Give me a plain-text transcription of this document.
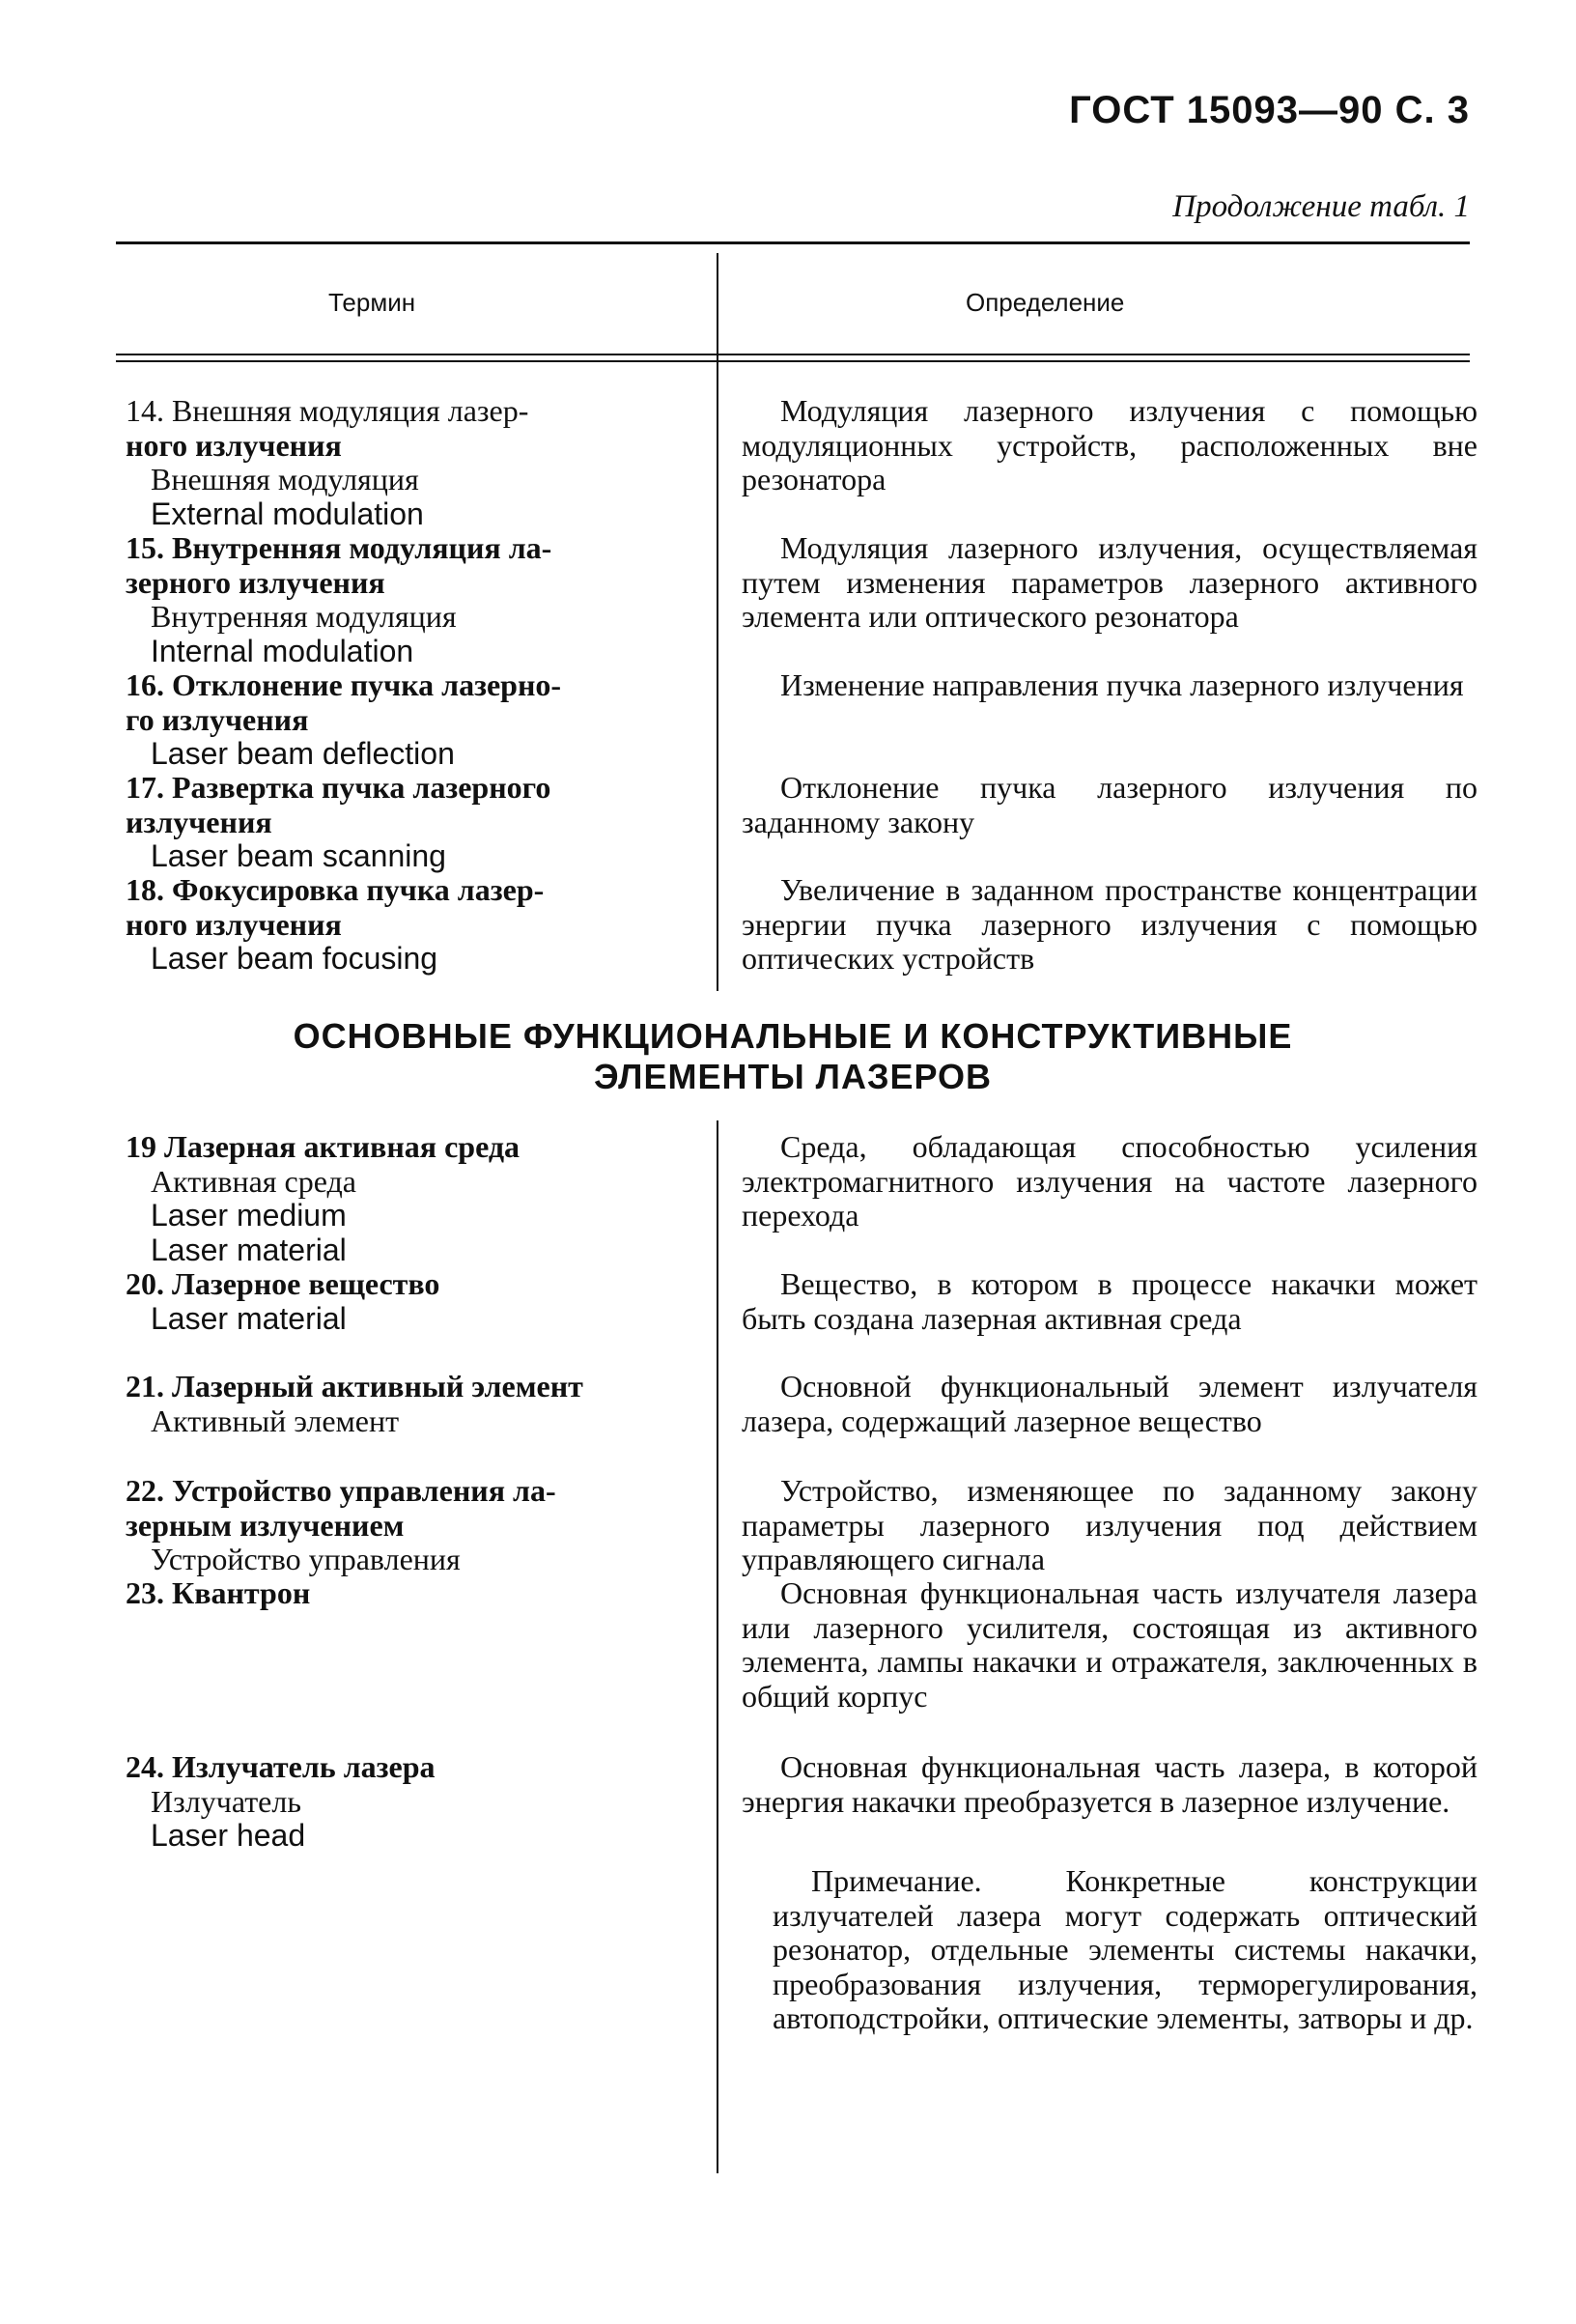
ГОСТ 15093—90 С. 3
Продолжение табл. 1
Термин	Определение
14. Внешняя модуляция лазер-
ного излучения
Внешняя модуляция
External modulation

Модуляция лазерного излучения с помощью модуляционных устройств, расположенных вне резонатора

15. Внутренняя модуляция ла-
зерного излучения
Внутренняя модуляция
Internal modulation

Модуляция лазерного излучения, осуществляемая путем изменения параметров лазерного активного элемента или оптического резонатора

16. Отклонение пучка лазерно-
го излучения
Laser beam deflection

Изменение направления пучка лазерного излучения

17. Развертка пучка лазерного
излучения
Laser beam scanning

Отклонение пучка лазерного излучения по заданному закону

18. Фокусировка пучка лазер-
ного излучения
Laser beam focusing

Увеличение в заданном пространстве концентрации энергии пучка лазерного излучения с помощью оптических устройств

ОСНОВНЫЕ ФУНКЦИОНАЛЬНЫЕ И КОНСТРУКТИВНЫЕ
ЭЛЕМЕНТЫ ЛАЗЕРОВ
19 Лазерная активная среда
Активная среда
Laser medium
Laser material

Среда, обладающая способностью усиления электромагнитного излучения на частоте лазерного перехода

20. Лазерное вещество
Laser material

Вещество, в котором в процессе накачки может быть создана лазерная активная среда

21. Лазерный активный элемент
Активный элемент

Основной функциональный элемент излучателя лазера, содержащий лазерное вещество

22. Устройство управления ла-
зерным излучением
Устройство управления

Устройство, изменяющее по заданному закону параметры лазерного излучения под действием управляющего сигнала

23. Квантрон	Основная функциональная часть излучателя лазера или лазерного усилителя, состоящая из активного элемента, лампы накачки и отражателя, заключенных в общий корпус

24. Излучатель лазера
Излучатель
Laser head

Основная функциональная часть лазера, в которой энергия накачки преобразуется в лазерное излучение.

Примечание. Конкретные конструкции излучателей лазера могут содержать оптический резонатор, отдельные элементы системы накачки, преобразования излучения, терморегулирования, автоподстройки, оптические элементы, затворы и др.
